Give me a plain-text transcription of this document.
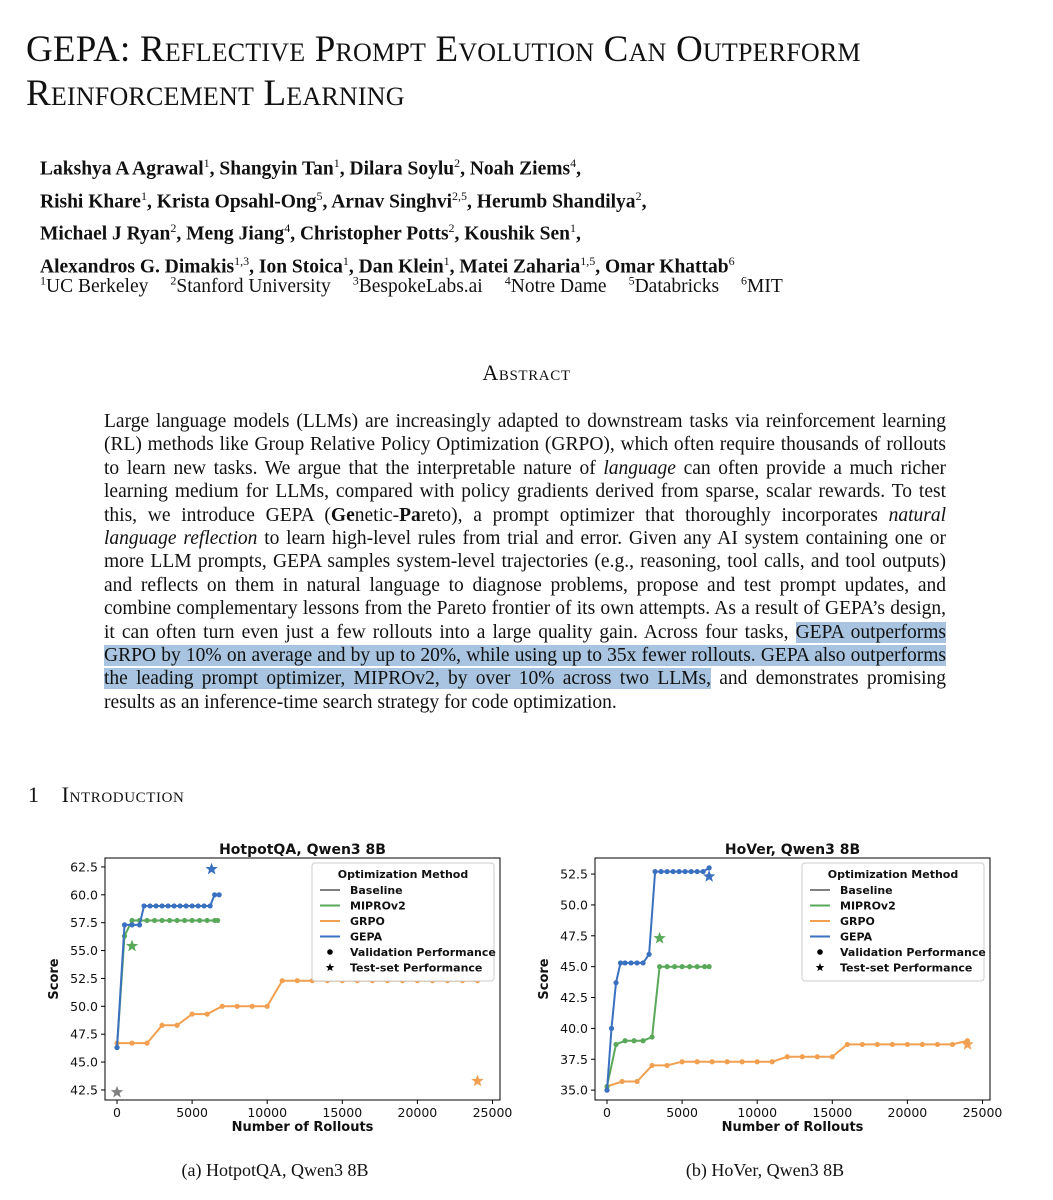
GEPA: Reflective Prompt Evolution Can Outperform
Reinforcement Learning
Lakshya A Agrawal$^1$, Shangyin Tan$^1$, Dilara Soylu$^2$, Noah Ziems$^4$,
Rishi Khare$^1$, Krista Opsahl-Ong$^5$, Arnav Singhvi$^{2,5}$, Herumb Shandilya$^2$,
Michael J Ryan$^2$, Meng Jiang$^4$, Christopher Potts$^2$, Koushik Sen$^1$,
Alexandros G. Dimakis$^{1,3}$, Ion Stoica$^1$, Dan Klein$^1$, Matei Zaharia$^{1,5}$, Omar Khattab$^6$
$^1$UC Berkeley $^2$Stanford University $^3$BespokeLabs.ai $^4$Notre Dame $^5$Databricks $^6$MIT
Abstract
Large language models (LLMs) are increasingly adapted to downstream tasks via reinforcement learning (RL) methods like Group Relative Policy Optimization (GRPO), which often require thousands of rollouts to learn new tasks. We argue that the interpretable nature of language can often provide a much richer learning medium for LLMs, compared with policy gradients derived from sparse, scalar rewards. To test this, we introduce GEPA (Genetic-Pareto), a prompt optimizer that thoroughly incorporates natural language reflection to learn high-level rules from trial and error. Given any AI system containing one or more LLM prompts, GEPA samples system-level trajectories (e.g., reasoning, tool calls, and tool outputs) and reflects on them in natural language to diagnose problems, propose and test prompt updates, and combine complementary lessons from the Pareto frontier of its own attempts. As a result of GEPA’s design, it can often turn even just a few rollouts into a large quality gain. Across four tasks, GEPA outperforms GRPO by 10% on average and by up to 20%, while using up to 35x fewer rollouts. GEPA also outperforms the leading prompt optimizer, MIPROv2, by over 10% across two LLMs, and demonstrates promising results as an inference-time search strategy for code optimization.
1 Introduction
HotpotQA, Qwen3 8B
0	5000	10000	15000	20000	25000
42.5
45.0
47.5
50.0
52.5
55.0
57.5
60.0
62.5
Number of Rollouts
Score
Optimization Method
Baseline
MIPROv2
GRPO
GEPA
Validation Performance
Test-set Performance
HoVer, Qwen3 8B
0	5000	10000	15000	20000	25000
35.0
37.5
40.0
42.5
45.0
47.5
50.0
52.5
Number of Rollouts
Score
Optimization Method
Baseline
MIPROv2
GRPO
GEPA
Validation Performance
Test-set Performance
(a) HotpotQA, Qwen3 8B	(b) HoVer, Qwen3 8B
